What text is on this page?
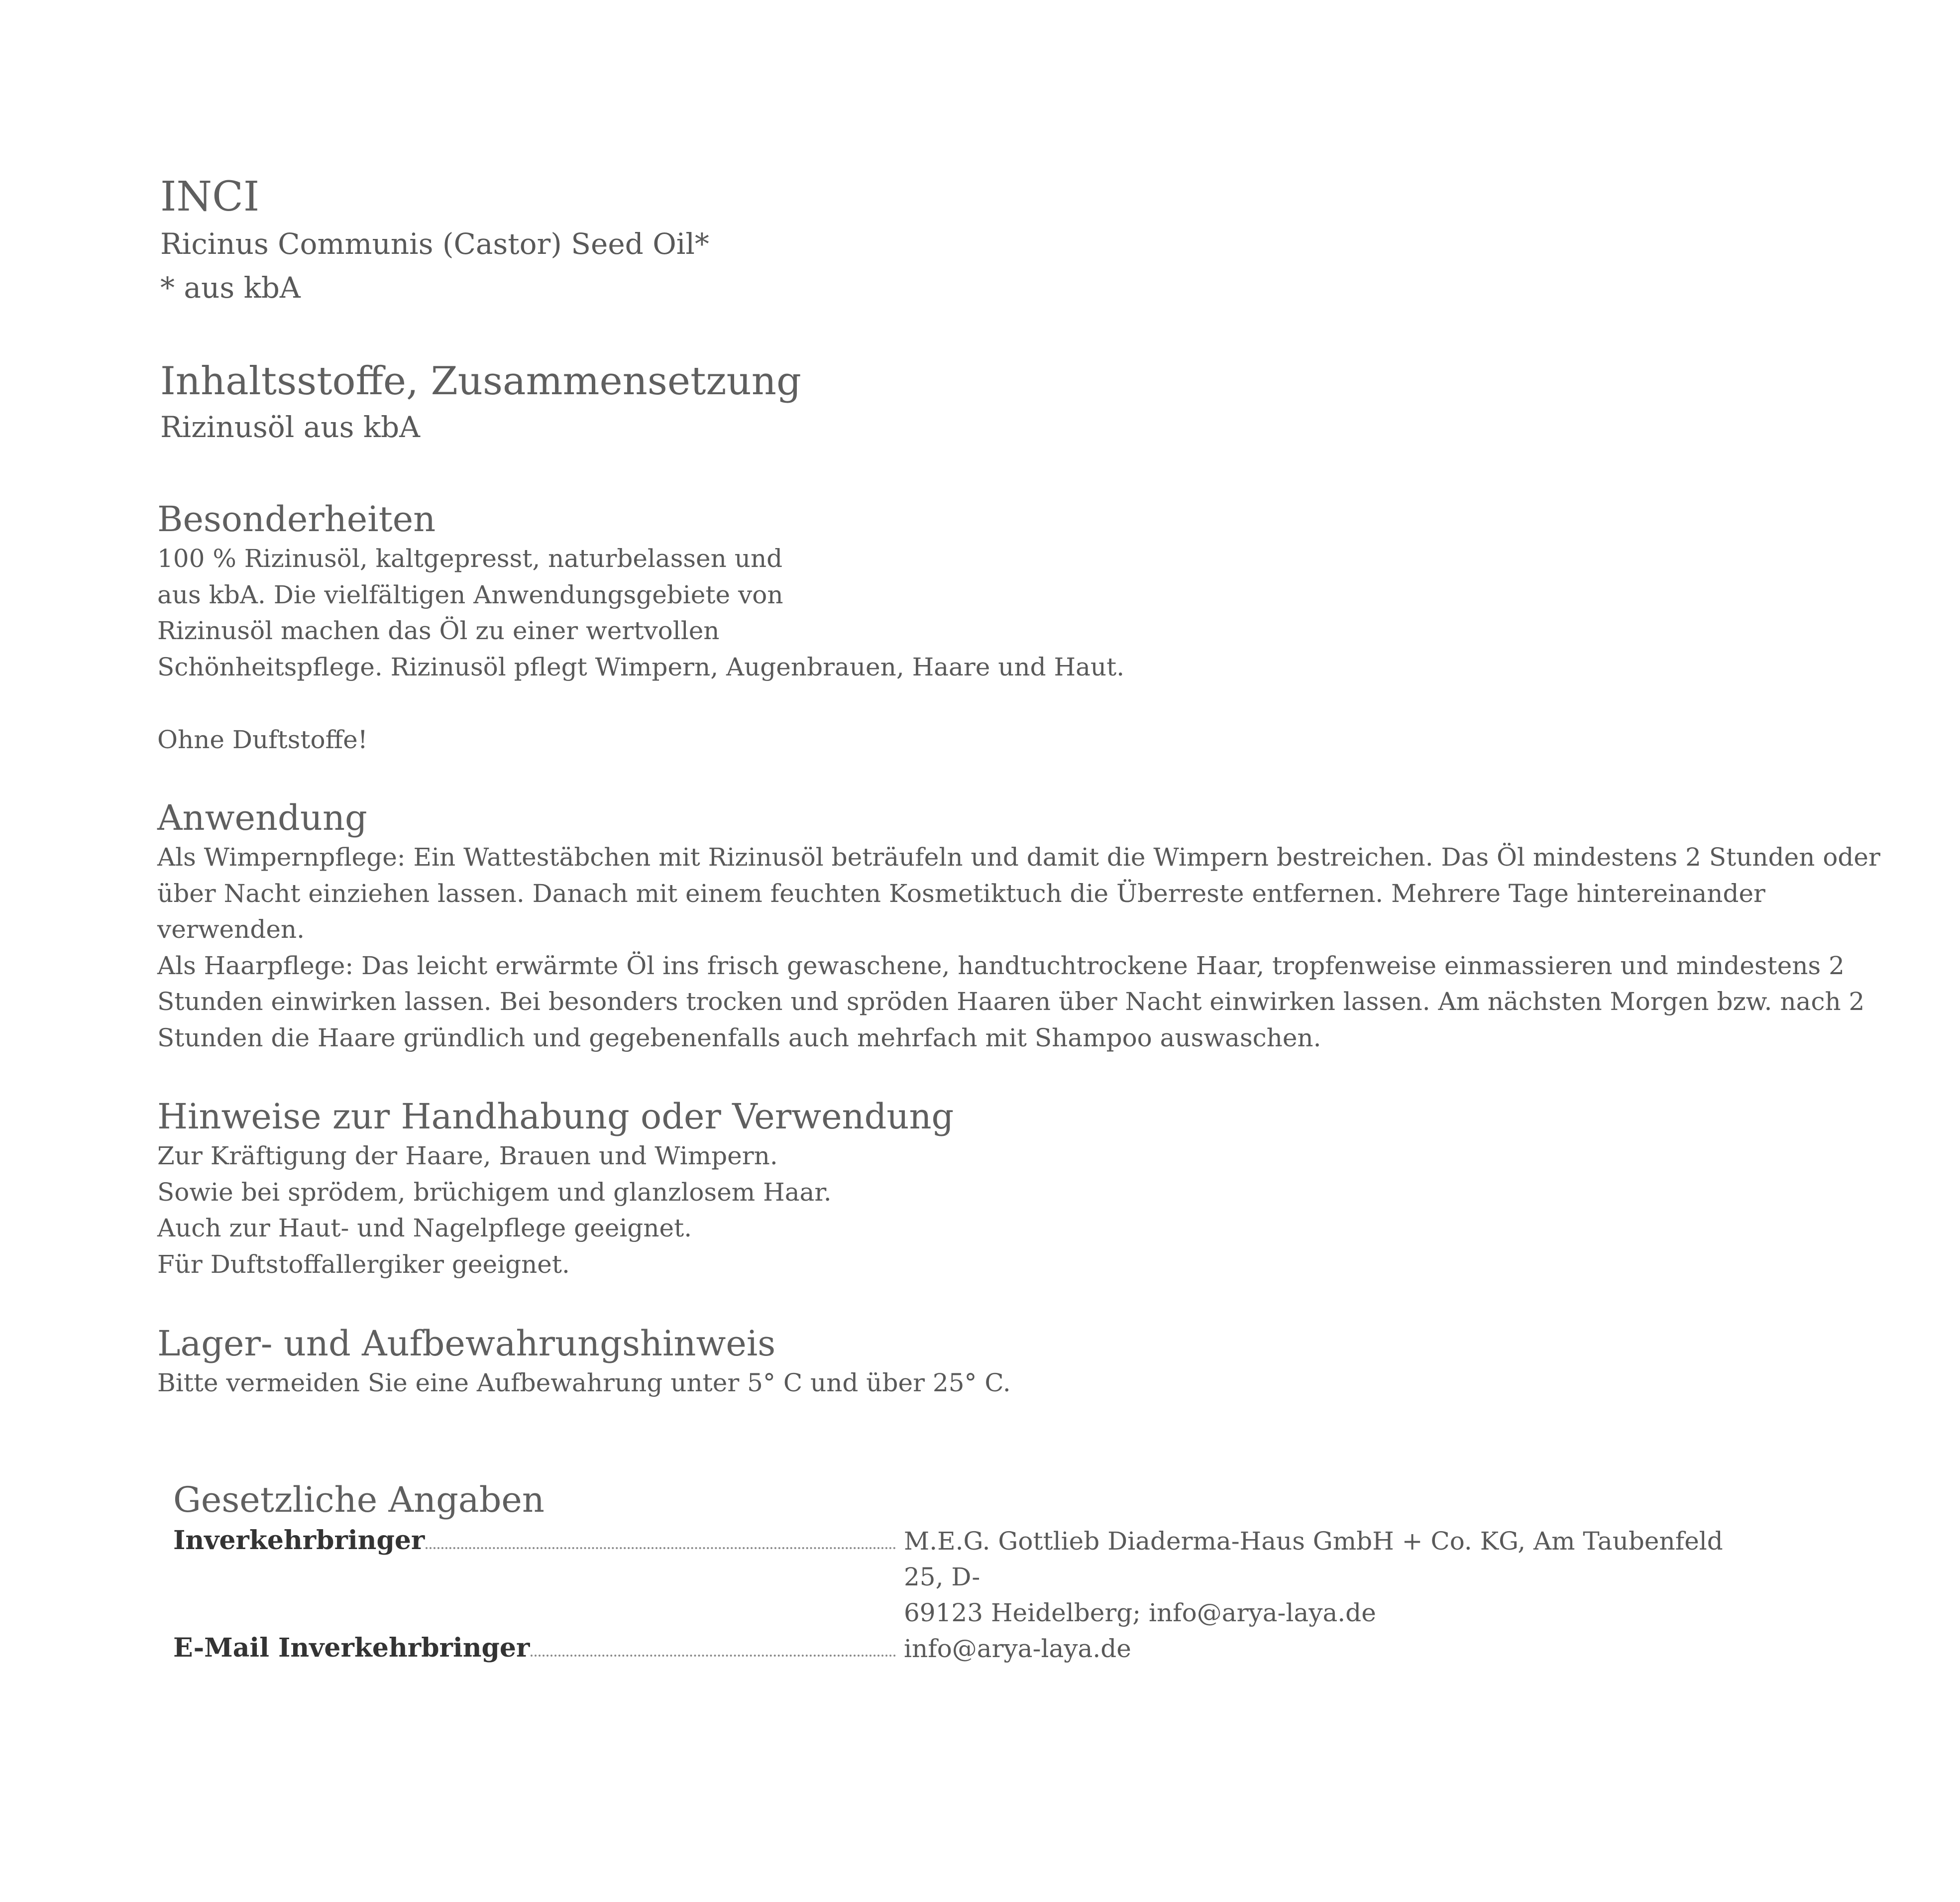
INCI

Ricinus Communis (Castor) Seed Oil*

* aus kbA

Inhaltsstoffe, Zusammensetzung

Rizinusöl aus kbA

Besonderheiten

100 % Rizinusöl, kaltgepresst, naturbelassen und

aus kbA. Die vielfältigen Anwendungsgebiete von

Rizinusöl machen das Öl zu einer wertvollen

Schönheitspflege. Rizinusöl pflegt Wimpern, Augenbrauen, Haare und Haut.

Ohne Duftstoffe!

Anwendung

Als Wimpernpflege: Ein Wattestäbchen mit Rizinusöl beträufeln und damit die Wimpern bestreichen. Das Öl mindestens 2 Stunden oder

über Nacht einziehen lassen. Danach mit einem feuchten Kosmetiktuch die Überreste entfernen. Mehrere Tage hintereinander

verwenden.

Als Haarpflege: Das leicht erwärmte Öl ins frisch gewaschene, handtuchtrockene Haar, tropfenweise einmassieren und mindestens 2

Stunden einwirken lassen. Bei besonders trocken und spröden Haaren über Nacht einwirken lassen. Am nächsten Morgen bzw. nach 2

Stunden die Haare gründlich und gegebenenfalls auch mehrfach mit Shampoo auswaschen.

Hinweise zur Handhabung oder Verwendung

Zur Kräftigung der Haare, Brauen und Wimpern.

Sowie bei sprödem, brüchigem und glanzlosem Haar.

Auch zur Haut- und Nagelpflege geeignet.

Für Duftstoffallergiker geeignet.

Lager- und Aufbewahrungshinweis

Bitte vermeiden Sie eine Aufbewahrung unter 5° C und über 25° C.

Gesetzliche Angaben
Inverkehrbringer	M.E.G. Gottlieb Diaderma-Haus GmbH + Co. KG, Am Taubenfeld 25, D-
69123 Heidelberg; info@arya-laya.de
E-Mail Inverkehrbringer	info@arya-laya.de
